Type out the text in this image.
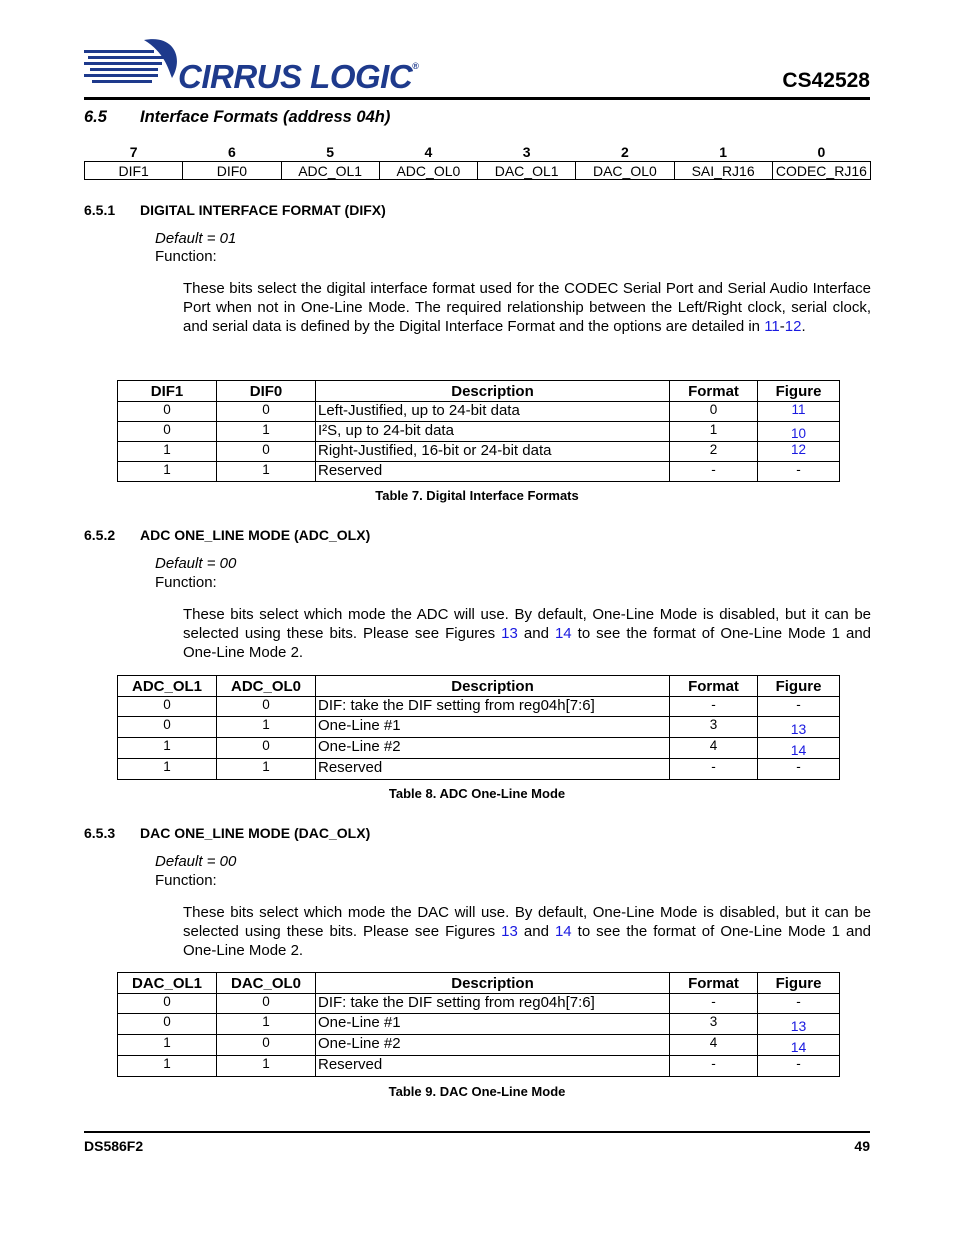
CIRRUS LOGIC®
CS42528
6.5 Interface Formats (address 04h)
7	6	5	4	3	2	1	0
DIF1	DIF0	ADC_OL1	ADC_OL0	DAC_OL1	DAC_OL0	SAI_RJ16	CODEC_RJ16
6.5.1 DIGITAL INTERFACE FORMAT (DIFX)
Default = 01
Function:
These bits select the digital interface format used for the CODEC Serial Port and Serial Audio Interface Port when not in One-Line Mode. The required relationship between the Left/Right clock, serial clock, and serial data is defined by the Digital Interface Format and the options are detailed in 11-12.
DIF1	DIF0	Description	Format	Figure
0	0	Left-Justified, up to 24-bit data	0	11
0	1	I²S, up to 24-bit data	1	10
1	0	Right-Justified, 16-bit or 24-bit data	2	12
1	1	Reserved	-	-
Table 7. Digital Interface Formats
6.5.2 ADC ONE_LINE MODE (ADC_OLX)
Default = 00
Function:
These bits select which mode the ADC will use. By default, One-Line Mode is disabled, but it can be selected using these bits. Please see Figures 13 and 14 to see the format of One-Line Mode 1 and One-Line Mode 2.
ADC_OL1	ADC_OL0	Description	Format	Figure
0	0	DIF: take the DIF setting from reg04h[7:6]	-	-
0	1	One-Line #1	3	13
1	0	One-Line #2	4	14
1	1	Reserved	-	-
Table 8. ADC One-Line Mode
6.5.3 DAC ONE_LINE MODE (DAC_OLX)
Default = 00
Function:
These bits select which mode the DAC will use. By default, One-Line Mode is disabled, but it can be selected using these bits. Please see Figures 13 and 14 to see the format of One-Line Mode 1 and One-Line Mode 2.
DAC_OL1	DAC_OL0	Description	Format	Figure
0	0	DIF: take the DIF setting from reg04h[7:6]	-	-
0	1	One-Line #1	3	13
1	0	One-Line #2	4	14
1	1	Reserved	-	-
Table 9. DAC One-Line Mode
DS586F2	49
